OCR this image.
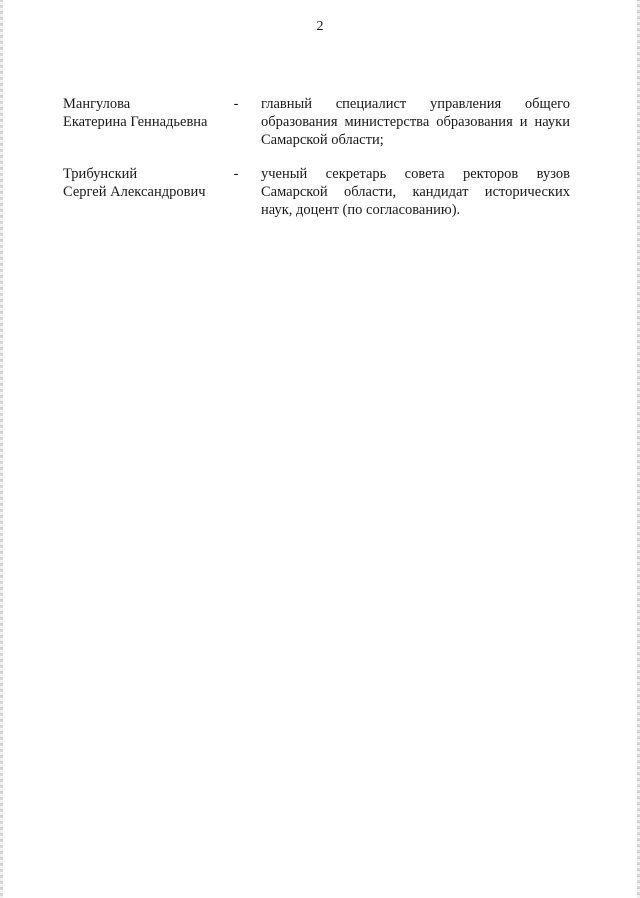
2
Мангулова
Екатерина Геннадьевна
- главный специалист управления общего
образования министерства образования и науки
Самарской области;
Трибунский
Сергей Александрович
- ученый секретарь совета ректоров вузов
Самарской области, кандидат исторических
наук, доцент (по согласованию).
